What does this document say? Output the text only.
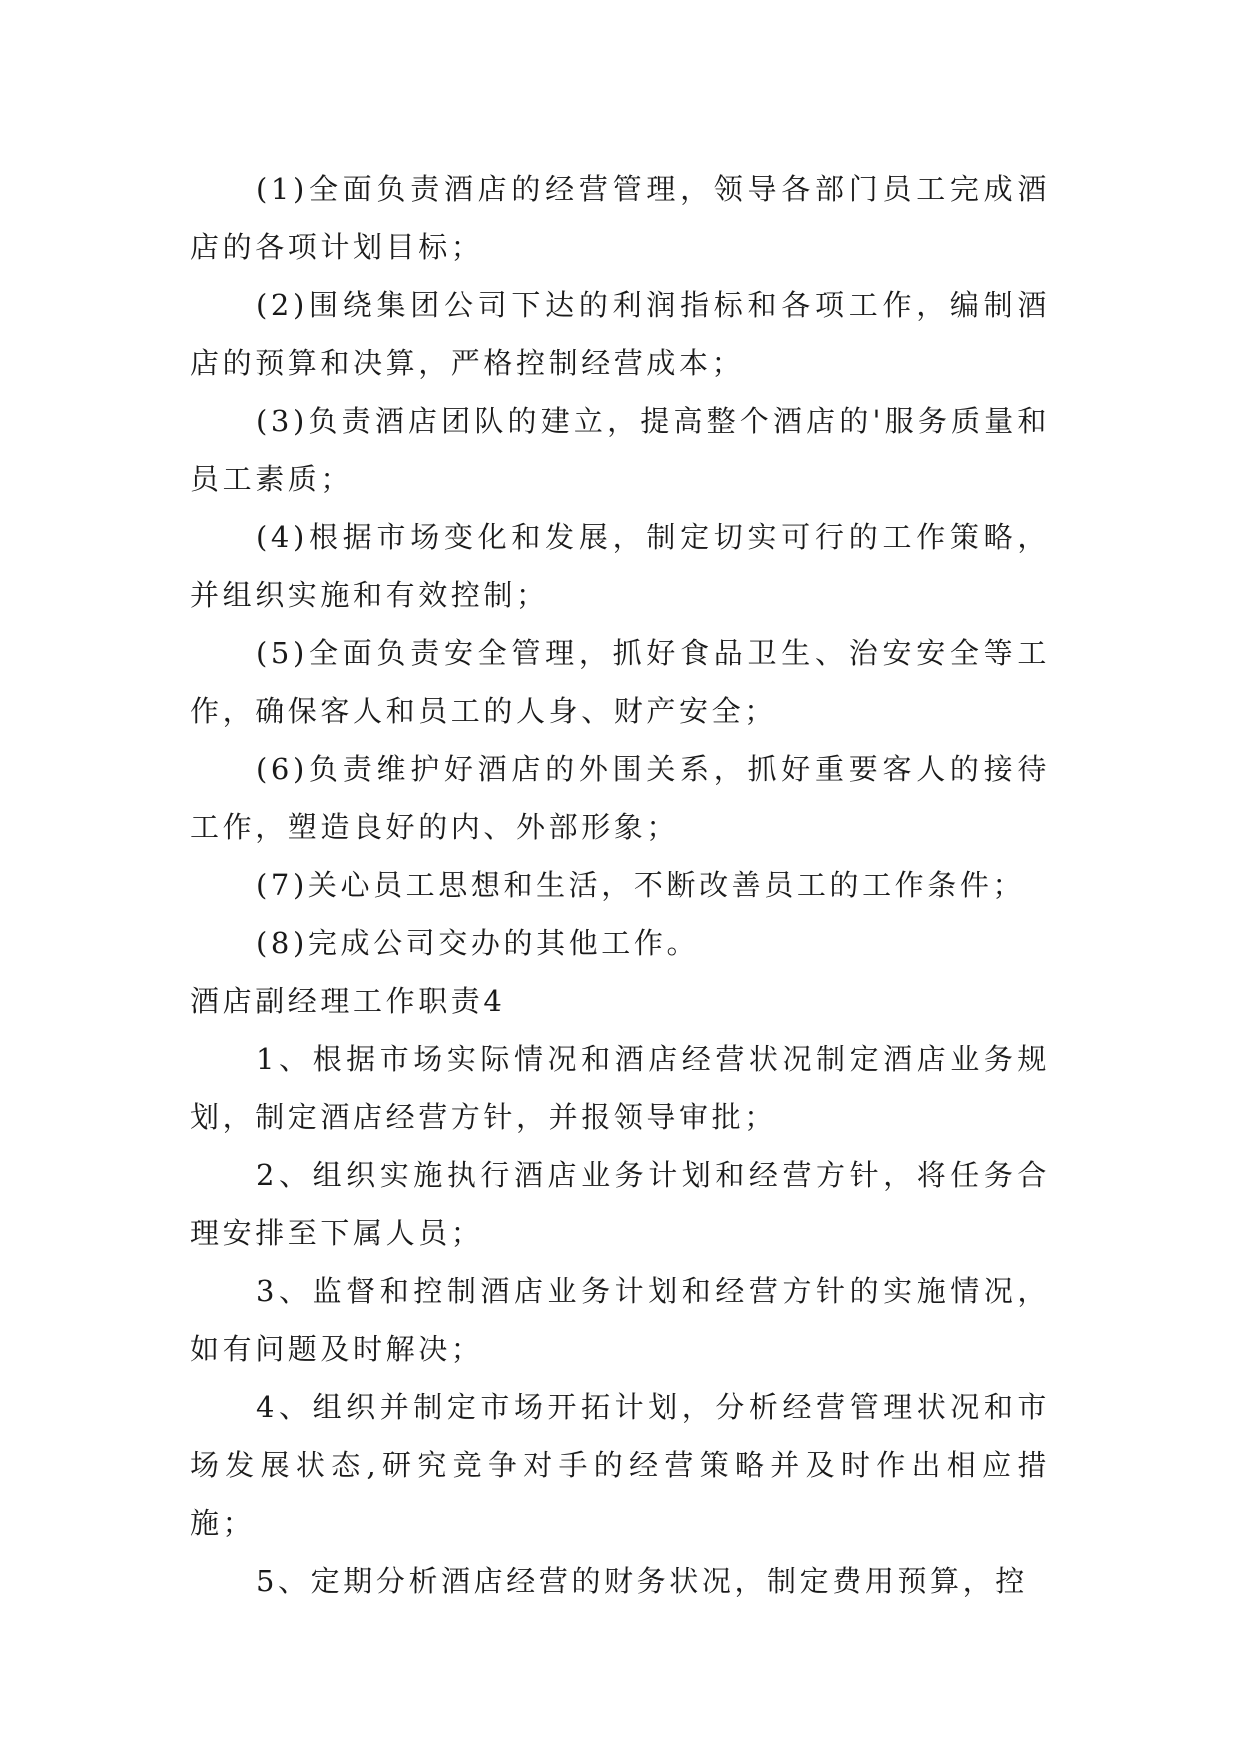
(1)全面负责酒店的经营管理，领导各部门员工完成酒店的各项计划目标；

(2)围绕集团公司下达的利润指标和各项工作，编制酒店的预算和决算，严格控制经营成本；

(3)负责酒店团队的建立，提高整个酒店的'服务质量和员工素质；

(4)根据市场变化和发展，制定切实可行的工作策略，并组织实施和有效控制；

(5)全面负责安全管理，抓好食品卫生、治安安全等工作，确保客人和员工的人身、财产安全；

(6)负责维护好酒店的外围关系，抓好重要客人的接待工作，塑造良好的内、外部形象；

(7)关心员工思想和生活，不断改善员工的工作条件；

(8)完成公司交办的其他工作。

酒店副经理工作职责4

1、根据市场实际情况和酒店经营状况制定酒店业务规划，制定酒店经营方针，并报领导审批；

2、组织实施执行酒店业务计划和经营方针，将任务合理安排至下属人员；

3、监督和控制酒店业务计划和经营方针的实施情况，如有问题及时解决；

4、组织并制定市场开拓计划，分析经营管理状况和市场发展状态,研究竞争对手的经营策略并及时作出相应措施；

5、定期分析酒店经营的财务状况，制定费用预算，控
